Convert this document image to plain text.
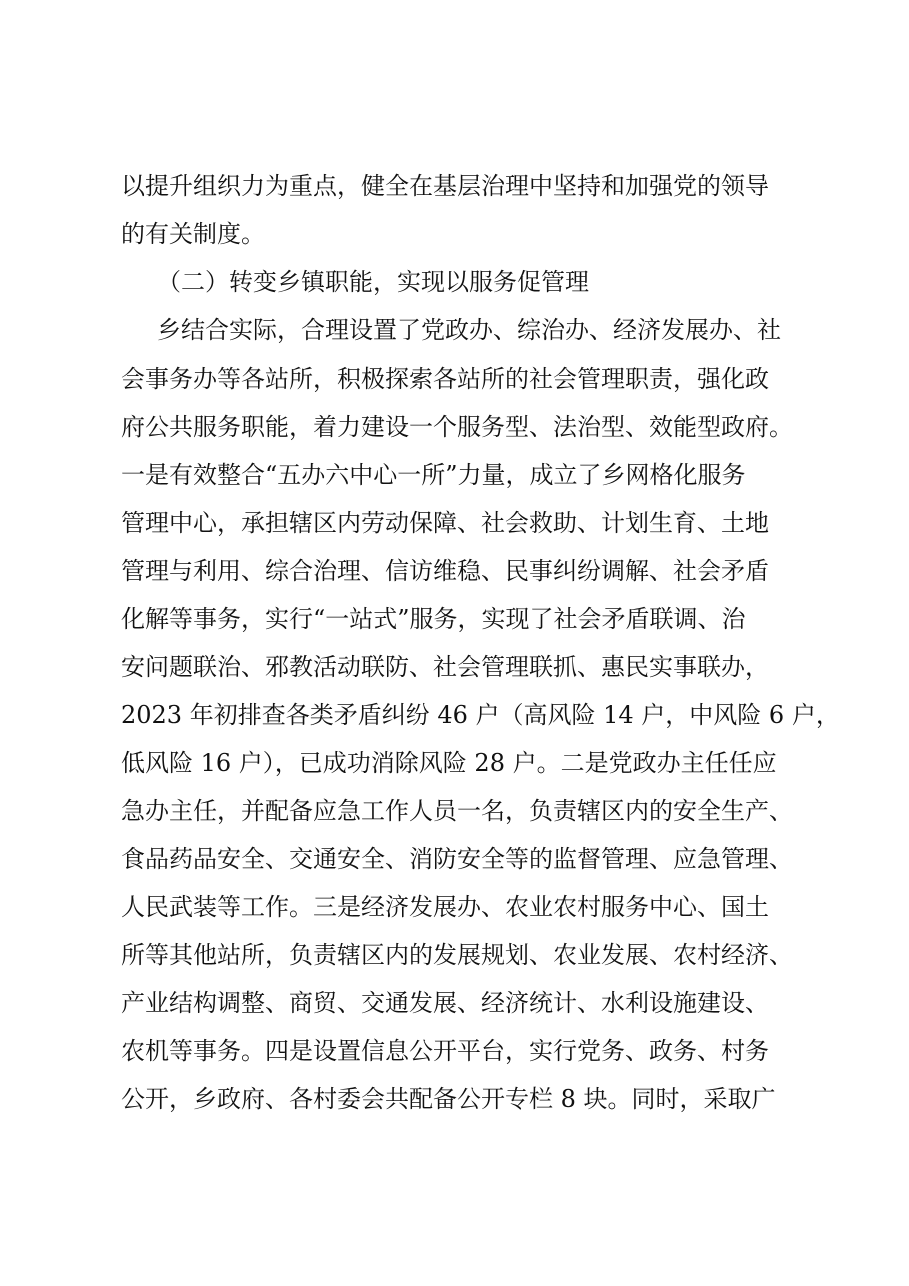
以提升组织力为重点，健全在基层治理中坚持和加强党的领导
的有关制度。
（二）转变乡镇职能，实现以服务促管理
乡结合实际，合理设置了党政办、综治办、经济发展办、社
会事务办等各站所，积极探索各站所的社会管理职责，强化政
府公共服务职能，着力建设一个服务型、法治型、效能型政府。
一是有效整合“五办六中心一所”力量，成立了乡网格化服务
管理中心，承担辖区内劳动保障、社会救助、计划生育、土地
管理与利用、综合治理、信访维稳、民事纠纷调解、社会矛盾
化解等事务，实行“一站式”服务，实现了社会矛盾联调、治
安问题联治、邪教活动联防、社会管理联抓、惠民实事联办，
2023 年初排查各类矛盾纠纷 46 户（高风险 14 户，中风险 6 户，
低风险 16 户），已成功消除风险 28 户。二是党政办主任任应
急办主任，并配备应急工作人员一名，负责辖区内的安全生产、
食品药品安全、交通安全、消防安全等的监督管理、应急管理、
人民武装等工作。三是经济发展办、农业农村服务中心、国土
所等其他站所，负责辖区内的发展规划、农业发展、农村经济、
产业结构调整、商贸、交通发展、经济统计、水利设施建设、
农机等事务。四是设置信息公开平台，实行党务、政务、村务
公开，乡政府、各村委会共配备公开专栏 8 块。同时，采取广
